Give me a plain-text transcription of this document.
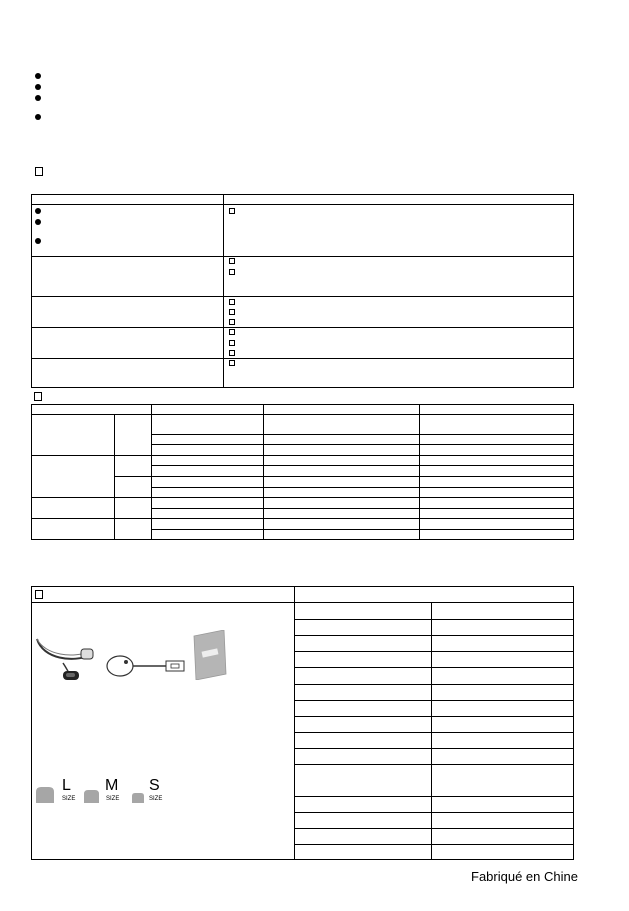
L
SIZE
M
SIZE
S
SIZE
Fabriqué en Chine
